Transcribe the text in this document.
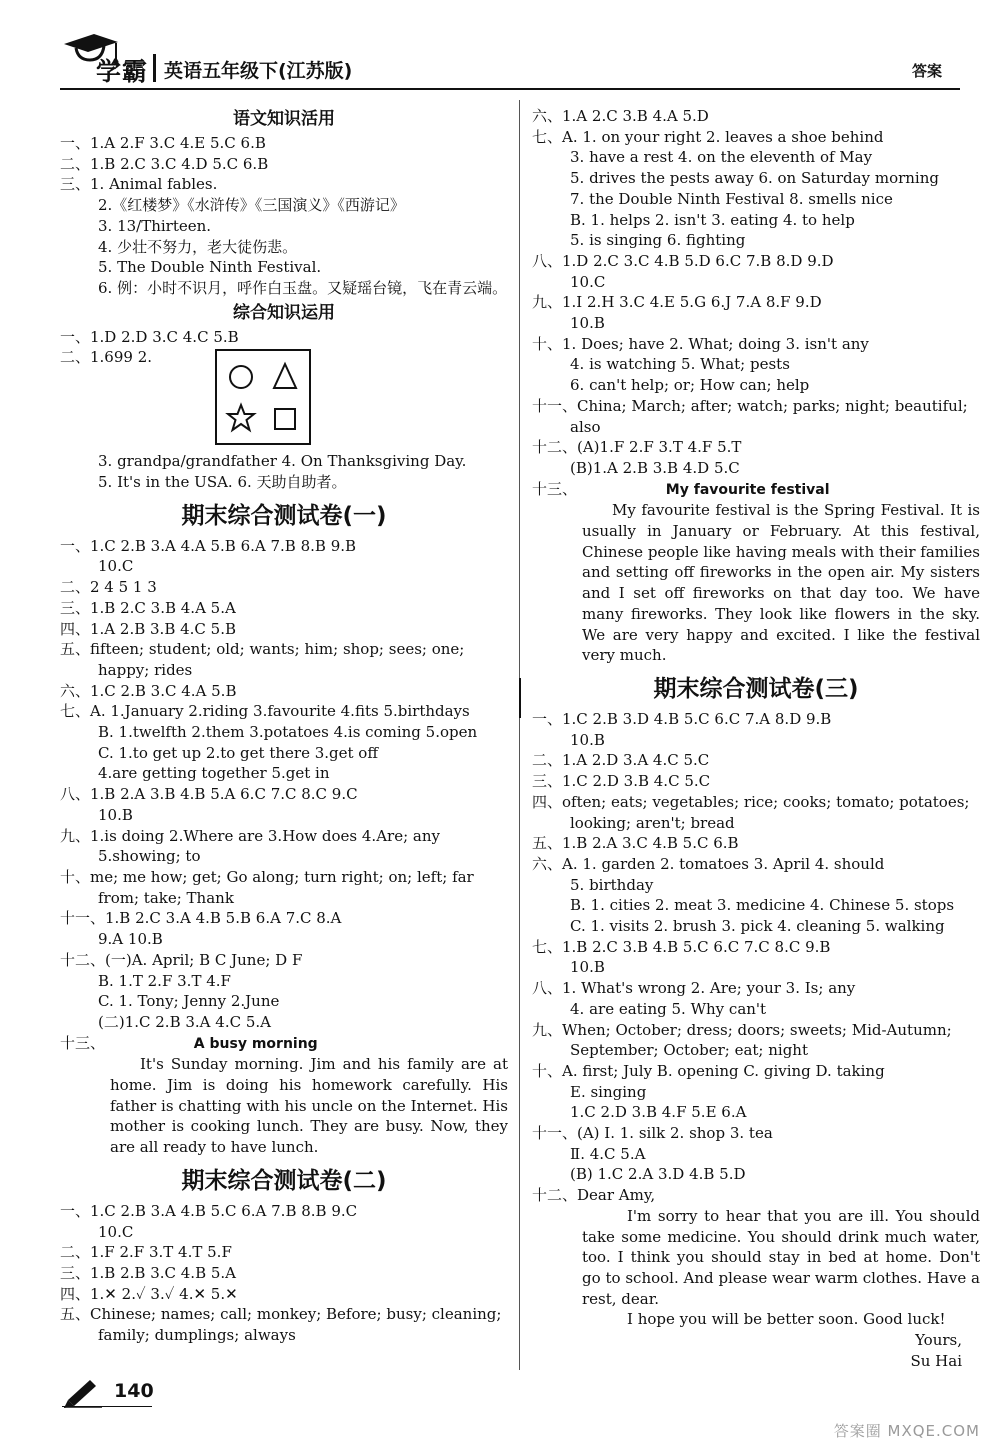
学霸 英语五年级下(江苏版)	答案
语文知识活用
一、1.A 2.F 3.C 4.E 5.C 6.B
二、1.B 2.C 3.C 4.D 5.C 6.B
三、1. Animal fables.
2.《红楼梦》《水浒传》《三国演义》《西游记》
3. 13/Thirteen.
4. 少壮不努力，老大徒伤悲。
5. The Double Ninth Festival.
6. 例：小时不识月，呼作白玉盘。又疑瑶台镜，飞在青云端。
综合知识运用
一、1.D 2.D 3.C 4.C 5.B
二、1.699 2.
3. grandpa/grandfather 4. On Thanksgiving Day.
5. It's in the USA. 6. 天助自助者。
期末综合测试卷(一)
一、1.C 2.B 3.A 4.A 5.B 6.A 7.B 8.B 9.B
10.C
二、2 4 5 1 3
三、1.B 2.C 3.B 4.A 5.A
四、1.A 2.B 3.B 4.C 5.B
五、fifteen; student; old; wants; him; shop; sees; one; happy; rides
六、1.C 2.B 3.C 4.A 5.B
七、A. 1.January 2.riding 3.favourite 4.fits 5.birthdays
B. 1.twelfth 2.them 3.potatoes 4.is coming 5.open
C. 1.to get up 2.to get there 3.get off
4.are getting together 5.get in
八、1.B 2.A 3.B 4.B 5.A 6.C 7.C 8.C 9.C
10.B
九、1.is doing 2.Where are 3.How does 4.Are; any
5.showing; to
十、me; me how; get; Go along; turn right; on; left; far from; take; Thank
十一、1.B 2.C 3.A 4.B 5.B 6.A 7.C 8.A
9.A 10.B
十二、(一)A. April; B C June; D F
B. 1.T 2.F 3.T 4.F
C. 1. Tony; Jenny 2.June
(二)1.C 2.B 3.A 4.C 5.A
十三、	A busy morning
It's Sunday morning. Jim and his family are at home. Jim is doing his homework carefully. His father is chatting with his uncle on the Internet. His mother is cooking lunch. They are busy. Now, they are all ready to have lunch.
期末综合测试卷(二)
一、1.C 2.B 3.A 4.B 5.C 6.A 7.B 8.B 9.C
10.C
二、1.F 2.F 3.T 4.T 5.F
三、1.B 2.B 3.C 4.B 5.A
四、1.✕ 2.✓ 3.✓ 4.✕ 5.✕
五、Chinese; names; call; monkey; Before; busy; cleaning; family; dumplings; always
六、1.A 2.C 3.B 4.A 5.D
七、A. 1. on your right 2. leaves a shoe behind
3. have a rest 4. on the eleventh of May
5. drives the pests away 6. on Saturday morning
7. the Double Ninth Festival 8. smells nice
B. 1. helps 2. isn't 3. eating 4. to help
5. is singing 6. fighting
八、1.D 2.C 3.C 4.B 5.D 6.C 7.B 8.D 9.D
10.C
九、1.I 2.H 3.C 4.E 5.G 6.J 7.A 8.F 9.D
10.B
十、1. Does; have 2. What; doing 3. isn't any
4. is watching 5. What; pests
6. can't help; or; How can; help
十一、China; March; after; watch; parks; night; beautiful; also
十二、(A)1.F 2.F 3.T 4.F 5.T
(B)1.A 2.B 3.B 4.D 5.C
十三、	My favourite festival
My favourite festival is the Spring Festival. It is usually in January or February. At this festival, Chinese people like having meals with their families and setting off fireworks in the open air. My sisters and I set off fireworks on that day too. We have many fireworks. They look like flowers in the sky. We are very happy and excited. I like the festival very much.
期末综合测试卷(三)
一、1.C 2.B 3.D 4.B 5.C 6.C 7.A 8.D 9.B
10.B
二、1.A 2.D 3.A 4.C 5.C
三、1.C 2.D 3.B 4.C 5.C
四、often; eats; vegetables; rice; cooks; tomato; potatoes; looking; aren't; bread
五、1.B 2.A 3.C 4.B 5.C 6.B
六、A. 1. garden 2. tomatoes 3. April 4. should
5. birthday
B. 1. cities 2. meat 3. medicine 4. Chinese 5. stops
C. 1. visits 2. brush 3. pick 4. cleaning 5. walking
七、1.B 2.C 3.B 4.B 5.C 6.C 7.C 8.C 9.B
10.B
八、1. What's wrong 2. Are; your 3. Is; any
4. are eating 5. Why can't
九、When; October; dress; doors; sweets; Mid-Autumn; September; October; eat; night
十、A. first; July B. opening C. giving D. taking
E. singing
1.C 2.D 3.B 4.F 5.E 6.A
十一、(A) Ⅰ. 1. silk 2. shop 3. tea
Ⅱ. 4.C 5.A
(B) 1.C 2.A 3.D 4.B 5.D
十二、Dear Amy,
I'm sorry to hear that you are ill. You should take some medicine. You should drink much water, too. I think you should stay in bed at home. Don't go to school. And please wear warm clothes. Have a rest, dear.
I hope you will be better soon. Good luck!
Yours,
Su Hai
140
答案圈 MXQE.COM
